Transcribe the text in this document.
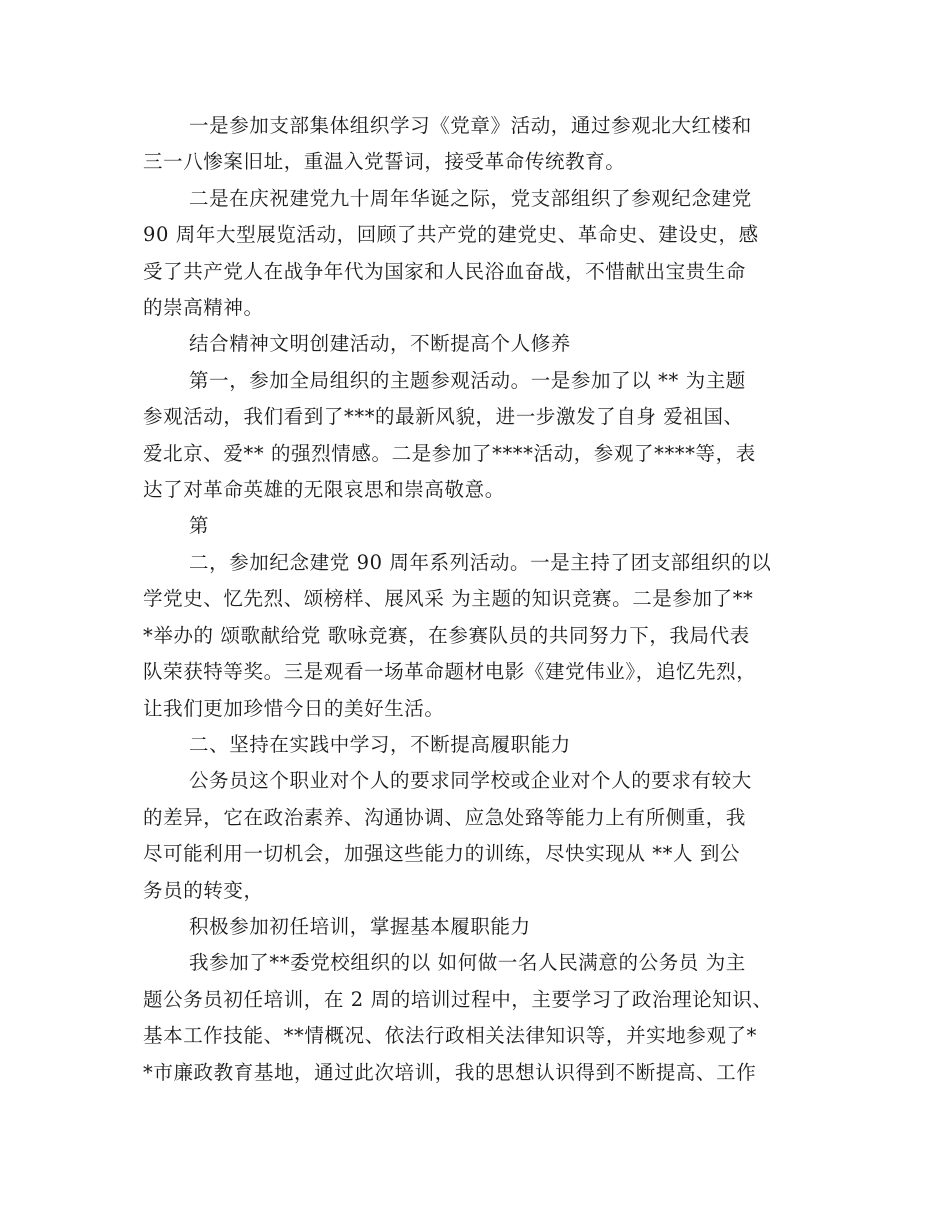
一是参加支部集体组织学习《党章》活动，通过参观北大红楼和
三一八惨案旧址，重温入党誓词，接受革命传统教育。

二是在庆祝建党九十周年华诞之际，党支部组织了参观纪念建党
90 周年大型展览活动，回顾了共产党的建党史、革命史、建设史，感
受了共产党人在战争年代为国家和人民浴血奋战，不惜献出宝贵生命
的崇高精神。

结合精神文明创建活动，不断提高个人修养

第一，参加全局组织的主题参观活动。一是参加了以 ** 为主题
参观活动，我们看到了***的最新风貌，进一步激发了自身 爱祖国、
爱北京、爱** 的强烈情感。二是参加了****活动，参观了****等，表
达了对革命英雄的无限哀思和崇高敬意。

第

二，参加纪念建党 90 周年系列活动。一是主持了团支部组织的以
学党史、忆先烈、颂榜样、展风采 为主题的知识竞赛。二是参加了**
*举办的 颂歌献给党 歌咏竞赛，在参赛队员的共同努力下，我局代表
队荣获特等奖。三是观看一场革命题材电影《建党伟业》，追忆先烈，
让我们更加珍惜今日的美好生活。

二、坚持在实践中学习，不断提高履职能力

公务员这个职业对个人的要求同学校或企业对个人的要求有较大
的差异，它在政治素养、沟通协调、应急处臵等能力上有所侧重，我
尽可能利用一切机会，加强这些能力的训练，尽快实现从 **人 到公
务员的转变，

积极参加初任培训，掌握基本履职能力

我参加了**委党校组织的以 如何做一名人民满意的公务员 为主
题公务员初任培训，在 2 周的培训过程中，主要学习了政治理论知识、
基本工作技能、**情概况、依法行政相关法律知识等，并实地参观了*
*市廉政教育基地，通过此次培训，我的思想认识得到不断提高、工作
